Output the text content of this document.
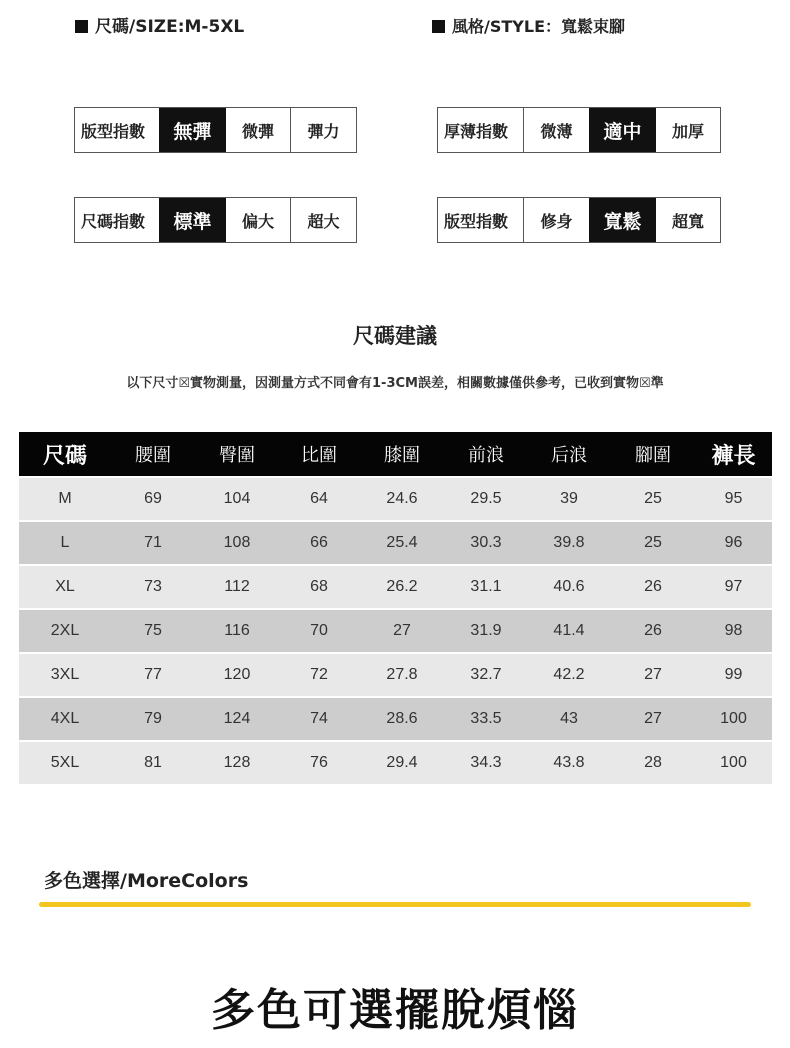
尺碼/SIZE:M-5XL	風格/STYLE：寬鬆束腳
版型指數	無彈	微彈	彈力	厚薄指數	微薄	適中	加厚
尺碼指數	標準	偏大	超大	版型指數	修身	寬鬆	超寬
尺碼建議
以下尺寸☒實物測量，因測量方式不同會有1-3CM誤差，相關數據僅供參考，已收到實物☒準
尺碼	腰圍	臀圍	比圍	膝圍	前浪	后浪	腳圍	褲長
M	69	104	64	24.6	29.5	39	25	95
L	71	108	66	25.4	30.3	39.8	25	96
XL	73	112	68	26.2	31.1	40.6	26	97
2XL	75	116	70	27	31.9	41.4	26	98
3XL	77	120	72	27.8	32.7	42.2	27	99
4XL	79	124	74	28.6	33.5	43	27	100
5XL	81	128	76	29.4	34.3	43.8	28	100
多色選擇/MoreColors
多色可選擺脫煩惱
